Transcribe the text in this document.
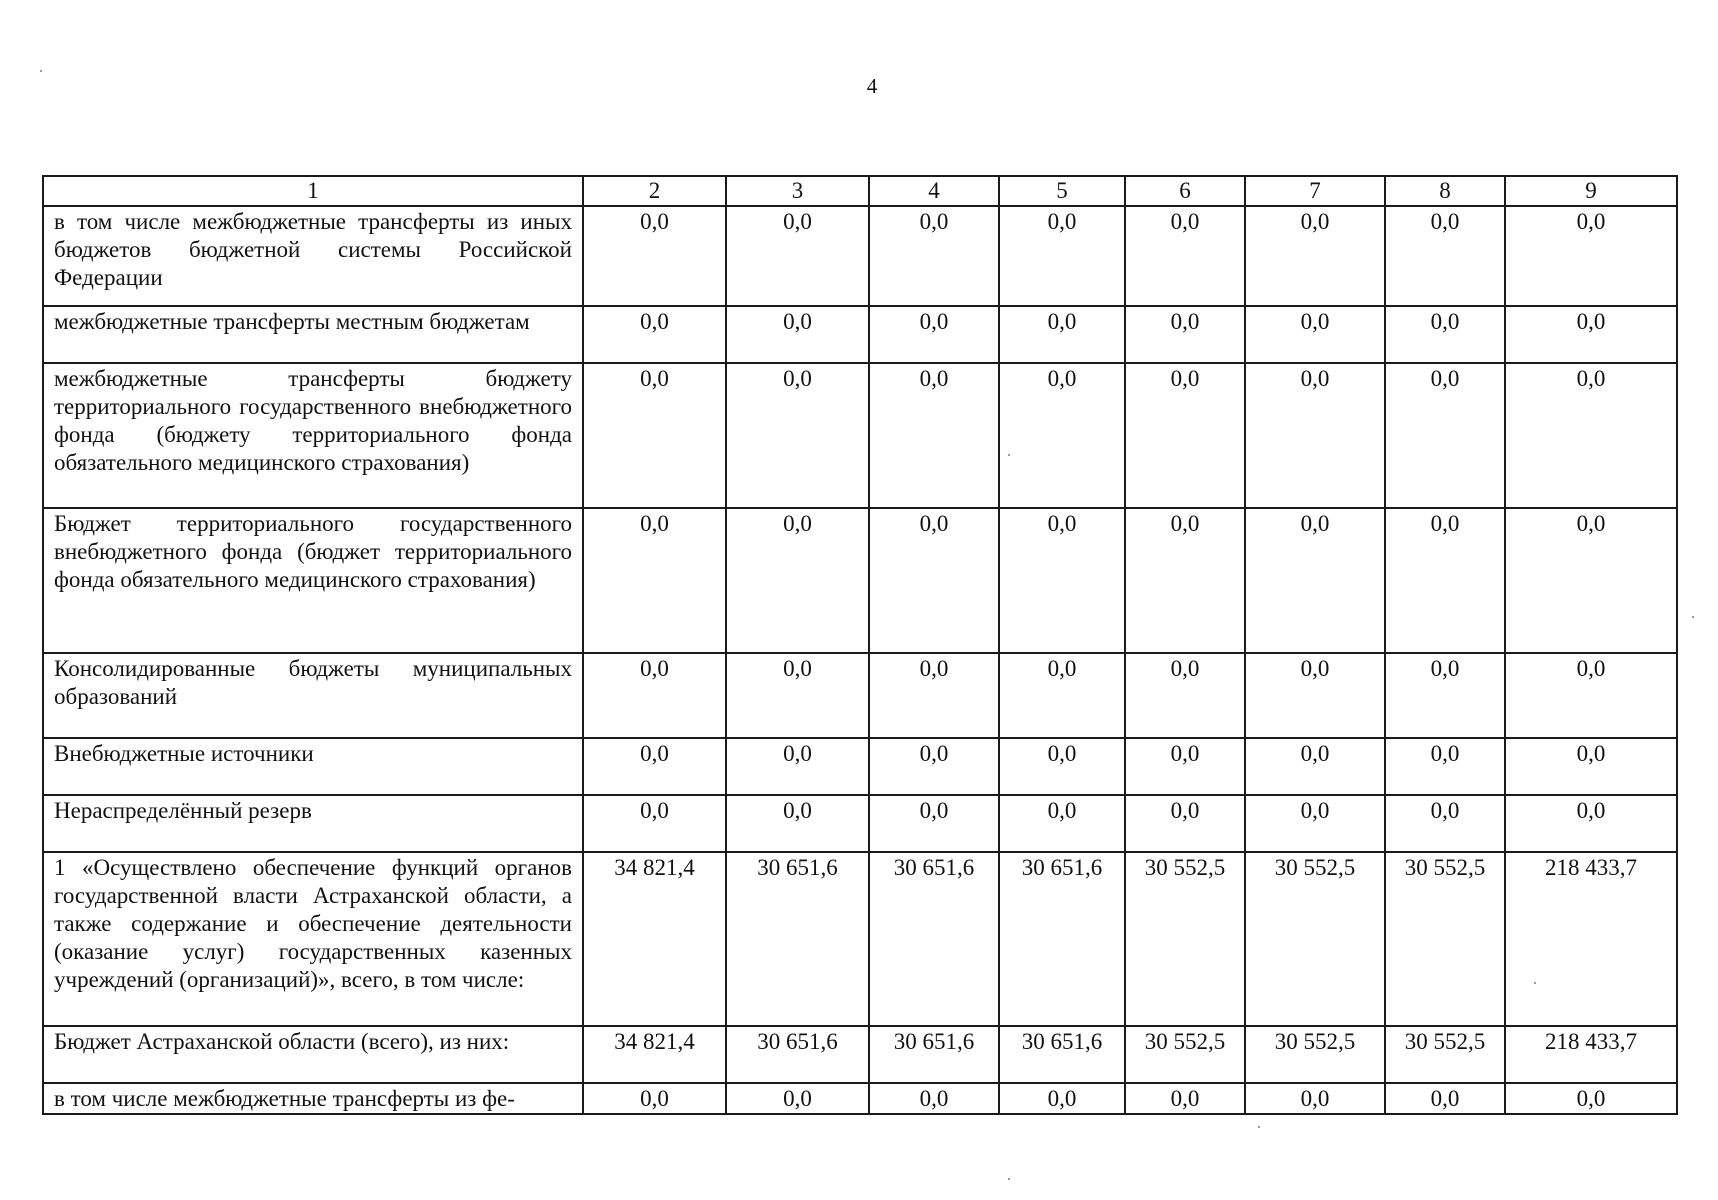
4
1	2	3	4	5	6	7	8	9
в том числе межбюджетные трансферты из иных бюджетов бюджетной системы Российской Федерации	0,0	0,0	0,0	0,0	0,0	0,0	0,0	0,0
межбюджетные трансферты местным бюджетам	0,0	0,0	0,0	0,0	0,0	0,0	0,0	0,0
межбюджетные трансферты бюджету территориального государственного внебюджетного фонда (бюджету территориального фонда обязательного медицинского страхования)	0,0	0,0	0,0	0,0	0,0	0,0	0,0	0,0
Бюджет территориального государственного внебюджетного фонда (бюджет территориального фонда обязательного медицинского страхования)	0,0	0,0	0,0	0,0	0,0	0,0	0,0	0,0
Консолидированные бюджеты муниципальных образований	0,0	0,0	0,0	0,0	0,0	0,0	0,0	0,0
Внебюджетные источники	0,0	0,0	0,0	0,0	0,0	0,0	0,0	0,0
Нераспределённый резерв	0,0	0,0	0,0	0,0	0,0	0,0	0,0	0,0
1 «Осуществлено обеспечение функций органов государственной власти Астраханской области, а также содержание и обеспечение деятельности (оказание услуг) государственных казенных учреждений (организаций)», всего, в том числе:	34 821,4	30 651,6	30 651,6	30 651,6	30 552,5	30 552,5	30 552,5	218 433,7
Бюджет Астраханской области (всего), из них:	34 821,4	30 651,6	30 651,6	30 651,6	30 552,5	30 552,5	30 552,5	218 433,7
в том числе межбюджетные трансферты из фе-	0,0	0,0	0,0	0,0	0,0	0,0	0,0	0,0
